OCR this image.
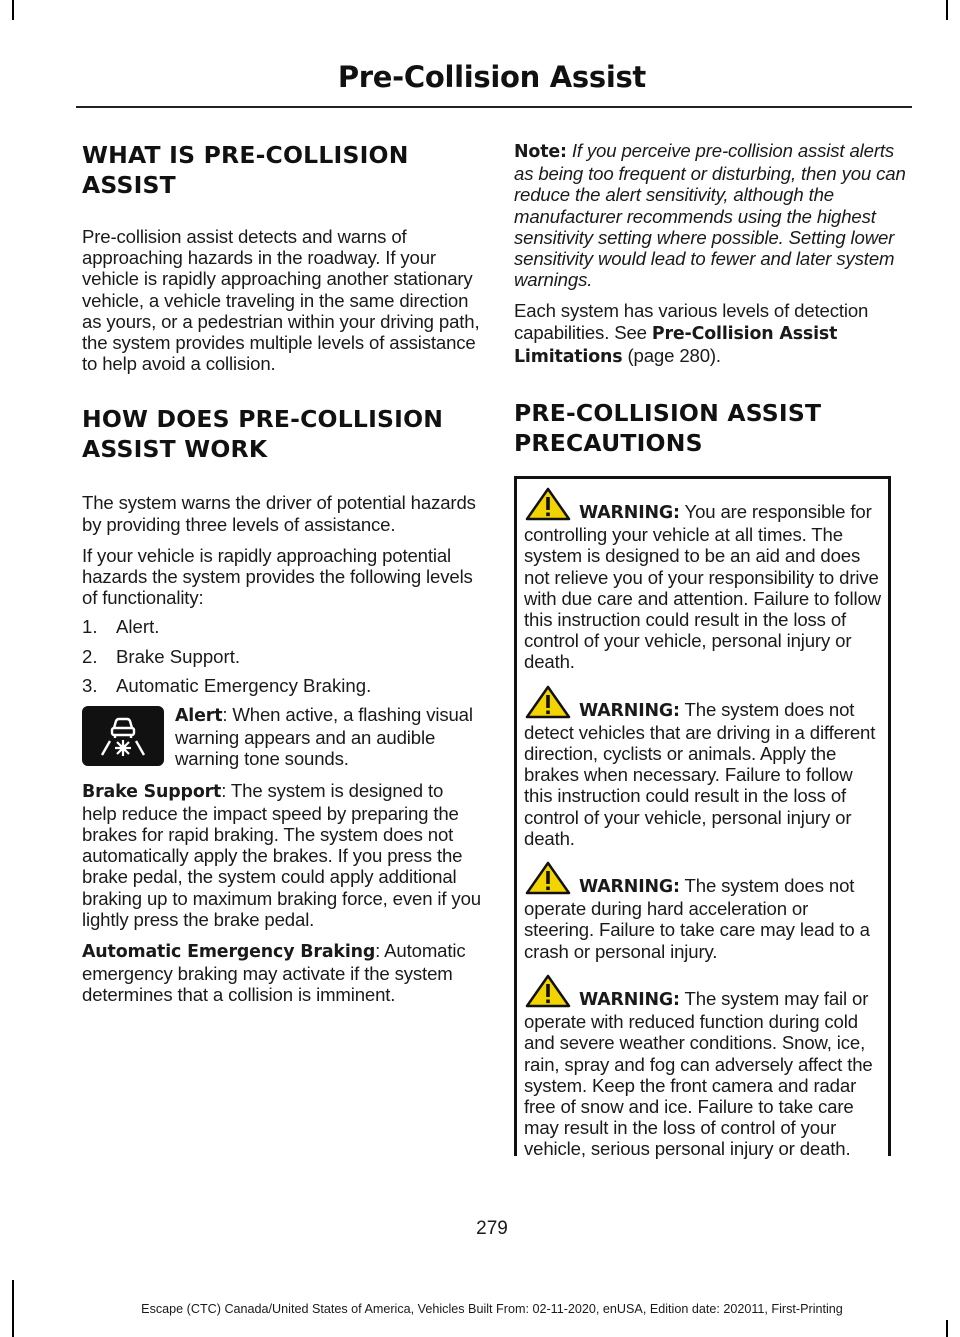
Pre-Collision Assist
WHAT IS PRE-COLLISION ASSIST

Pre-collision assist detects and warns of approaching hazards in the roadway. If your vehicle is rapidly approaching another stationary vehicle, a vehicle traveling in the same direction as yours, or a pedestrian within your driving path, the system provides multiple levels of assistance to help avoid a collision.

HOW DOES PRE-COLLISION ASSIST WORK

The system warns the driver of potential hazards by providing three levels of assistance.

If your vehicle is rapidly approaching potential hazards the system provides the following levels of functionality:

1. Alert.
2. Brake Support.
3. Automatic Emergency Braking.

Alert: When active, a flashing visual warning appears and an audible warning tone sounds.

Brake Support: The system is designed to help reduce the impact speed by preparing the brakes for rapid braking. The system does not automatically apply the brakes. If you press the brake pedal, the system could apply additional braking up to maximum braking force, even if you lightly press the brake pedal.

Automatic Emergency Braking: Automatic emergency braking may activate if the system determines that a collision is imminent.

Note: If you perceive pre-collision assist alerts as being too frequent or disturbing, then you can reduce the alert sensitivity, although the manufacturer recommends using the highest sensitivity setting where possible. Setting lower sensitivity would lead to fewer and later system warnings.

Each system has various levels of detection capabilities. See Pre-Collision Assist Limitations (page 280).

PRE-COLLISION ASSIST PRECAUTIONS

WARNING: You are responsible for controlling your vehicle at all times. The system is designed to be an aid and does not relieve you of your responsibility to drive with due care and attention. Failure to follow this instruction could result in the loss of control of your vehicle, personal injury or death.

WARNING: The system does not detect vehicles that are driving in a different direction, cyclists or animals. Apply the brakes when necessary. Failure to follow this instruction could result in the loss of control of your vehicle, personal injury or death.

WARNING: The system does not operate during hard acceleration or steering. Failure to take care may lead to a crash or personal injury.

WARNING: The system may fail or operate with reduced function during cold and severe weather conditions. Snow, ice, rain, spray and fog can adversely affect the system. Keep the front camera and radar free of snow and ice. Failure to take care may result in the loss of control of your vehicle, serious personal injury or death.

279
Escape (CTC) Canada/United States of America, Vehicles Built From: 02-11-2020, enUSA, Edition date: 202011, First-Printing
